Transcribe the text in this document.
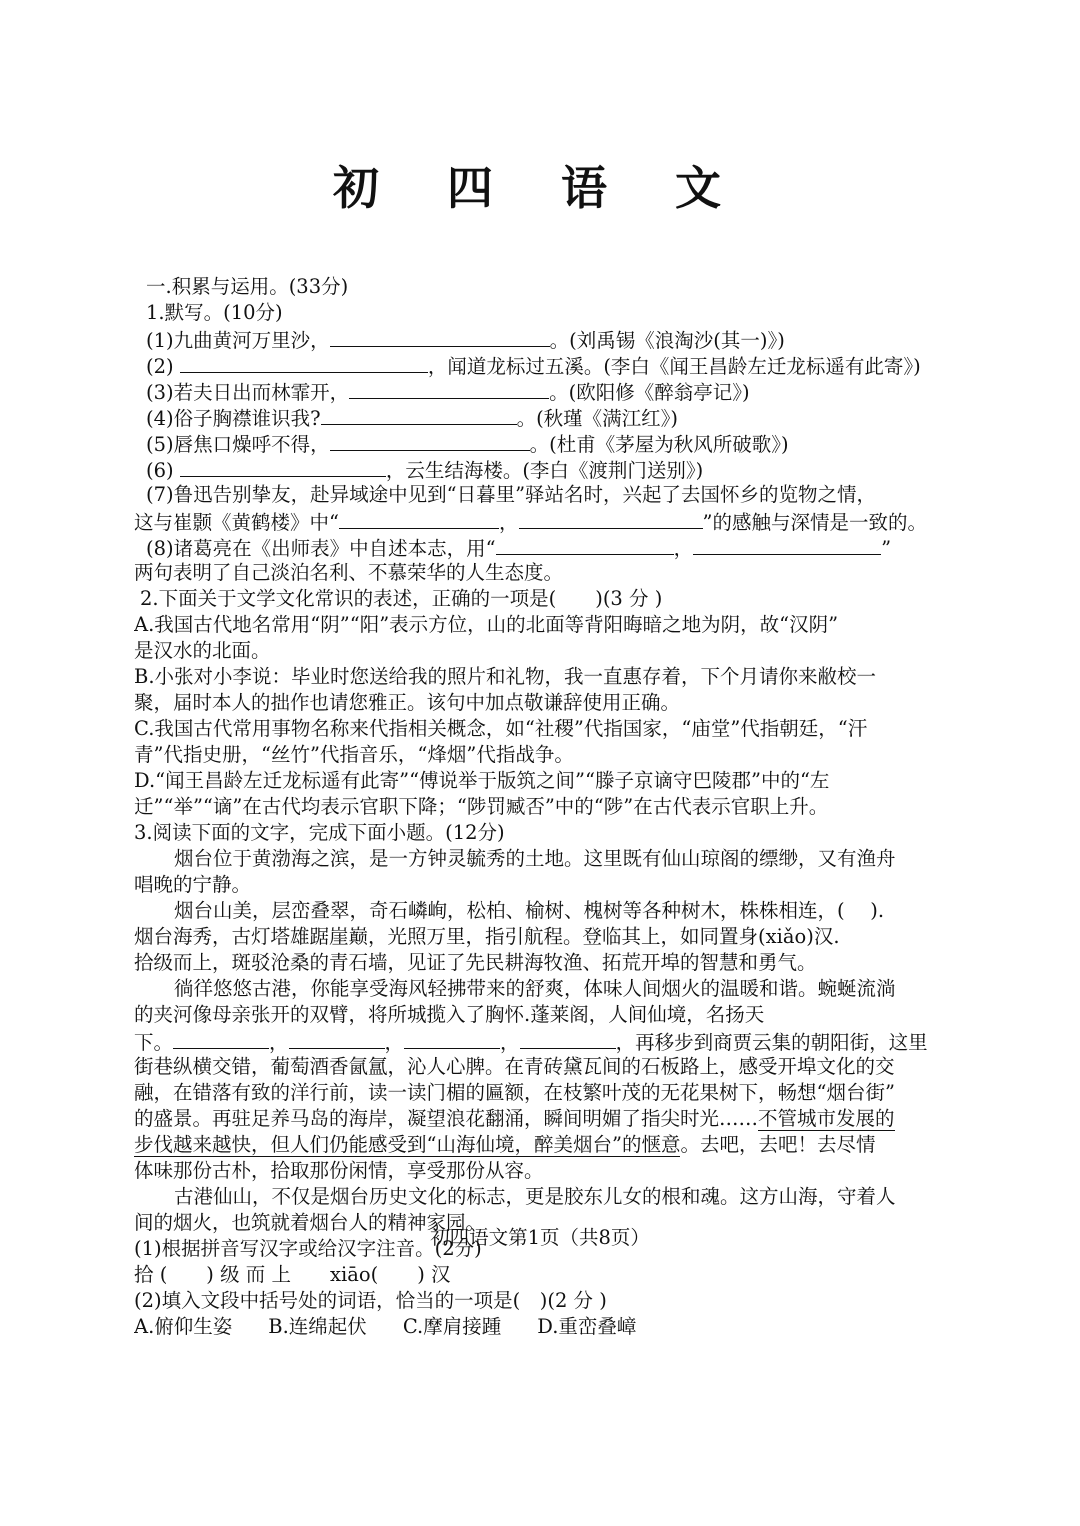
初 四 语 文
一.积累与运用。(33分)
1.默写。(10分)
(1)九曲黄河万里沙，	。(刘禹锡《浪淘沙(其一)》)
(2)	，闻道龙标过五溪。(李白《闻王昌龄左迁龙标遥有此寄》)
(3)若夫日出而林霏开，	。(欧阳修《醉翁亭记》)
(4)俗子胸襟谁识我?	。(秋瑾《满江红》)
(5)唇焦口燥呼不得，	。(杜甫《茅屋为秋风所破歌》)
(6)	，云生结海楼。(李白《渡荆门送别》)
(7)鲁迅告别挚友，赴异域途中见到“日暮里”驿站名时，兴起了去国怀乡的览物之情，
这与崔颢《黄鹤楼》中“	，	”的感触与深情是一致的。
(8)诸葛亮在《出师表》中自述本志，用“	，	”
两句表明了自己淡泊名利、不慕荣华的人生态度。
2.下面关于文学文化常识的表述，正确的一项是(　　)(3 分 )
A.我国古代地名常用“阴”“阳”表示方位，山的北面等背阳晦暗之地为阴，故“汉阴”
是汉水的北面。
B.小张对小李说：毕业时您送给我的照片和礼物，我一直惠存着，下个月请你来敝校一
聚，届时本人的拙作也请您雅正。该句中加点敬谦辞使用正确。
C.我国古代常用事物名称来代指相关概念，如“社稷”代指国家，“庙堂”代指朝廷，“汗
青”代指史册，“丝竹”代指音乐，“烽烟”代指战争。
D.“闻王昌龄左迁龙标遥有此寄”“傅说举于版筑之间”“滕子京谪守巴陵郡”中的“左
迁”“举”“谪”在古代均表示官职下降；“陟罚臧否”中的“陟”在古代表示官职上升。
3.阅读下面的文字，完成下面小题。(12分)
烟台位于黄渤海之滨，是一方钟灵毓秀的土地。这里既有仙山琼阁的缥缈，又有渔舟
唱晚的宁静。
烟台山美，层峦叠翠，奇石嶙峋，松柏、榆树、槐树等各种树木，株株相连，(　 ).
烟台海秀，古灯塔雄踞崖巅，光照万里，指引航程。登临其上，如同置身(xiǎo)汉.
拾级而上，斑驳沧桑的青石墙，见证了先民耕海牧渔、拓荒开埠的智慧和勇气。
徜徉悠悠古港，你能享受海风轻拂带来的舒爽，体味人间烟火的温暖和谐。蜿蜒流淌
的夹河像母亲张开的双臂，将所城揽入了胸怀.蓬莱阁，人间仙境，名扬天
下。	，	，	，	，再移步到商贾云集的朝阳街，这里
街巷纵横交错，葡萄酒香氤氲，沁人心脾。在青砖黛瓦间的石板路上，感受开埠文化的交
融，在错落有致的洋行前，读一读门楣的匾额，在枝繁叶茂的无花果树下，畅想“烟台街”
的盛景。再驻足养马岛的海岸，凝望浪花翻涌，瞬间明媚了指尖时光……不管城市发展的
步伐越来越快，但人们仍能感受到“山海仙境，醉美烟台”的惬意。去吧，去吧！去尽情
体味那份古朴，拾取那份闲情，享受那份从容。
古港仙山，不仅是烟台历史文化的标志，更是胶东儿女的根和魂。这方山海，守着人
间的烟火，也筑就着烟台人的精神家园。
(1)根据拼音写汉字或给汉字注音。(2分)
拾 (　　) 级 而 上　　xiāo(　　) 汉
(2)填入文段中括号处的词语，恰当的一项是(　)(2 分 )
A.俯仰生姿 B.连绵起伏 C.摩肩接踵 D.重峦叠嶂
初四语文第1页（共8页）
